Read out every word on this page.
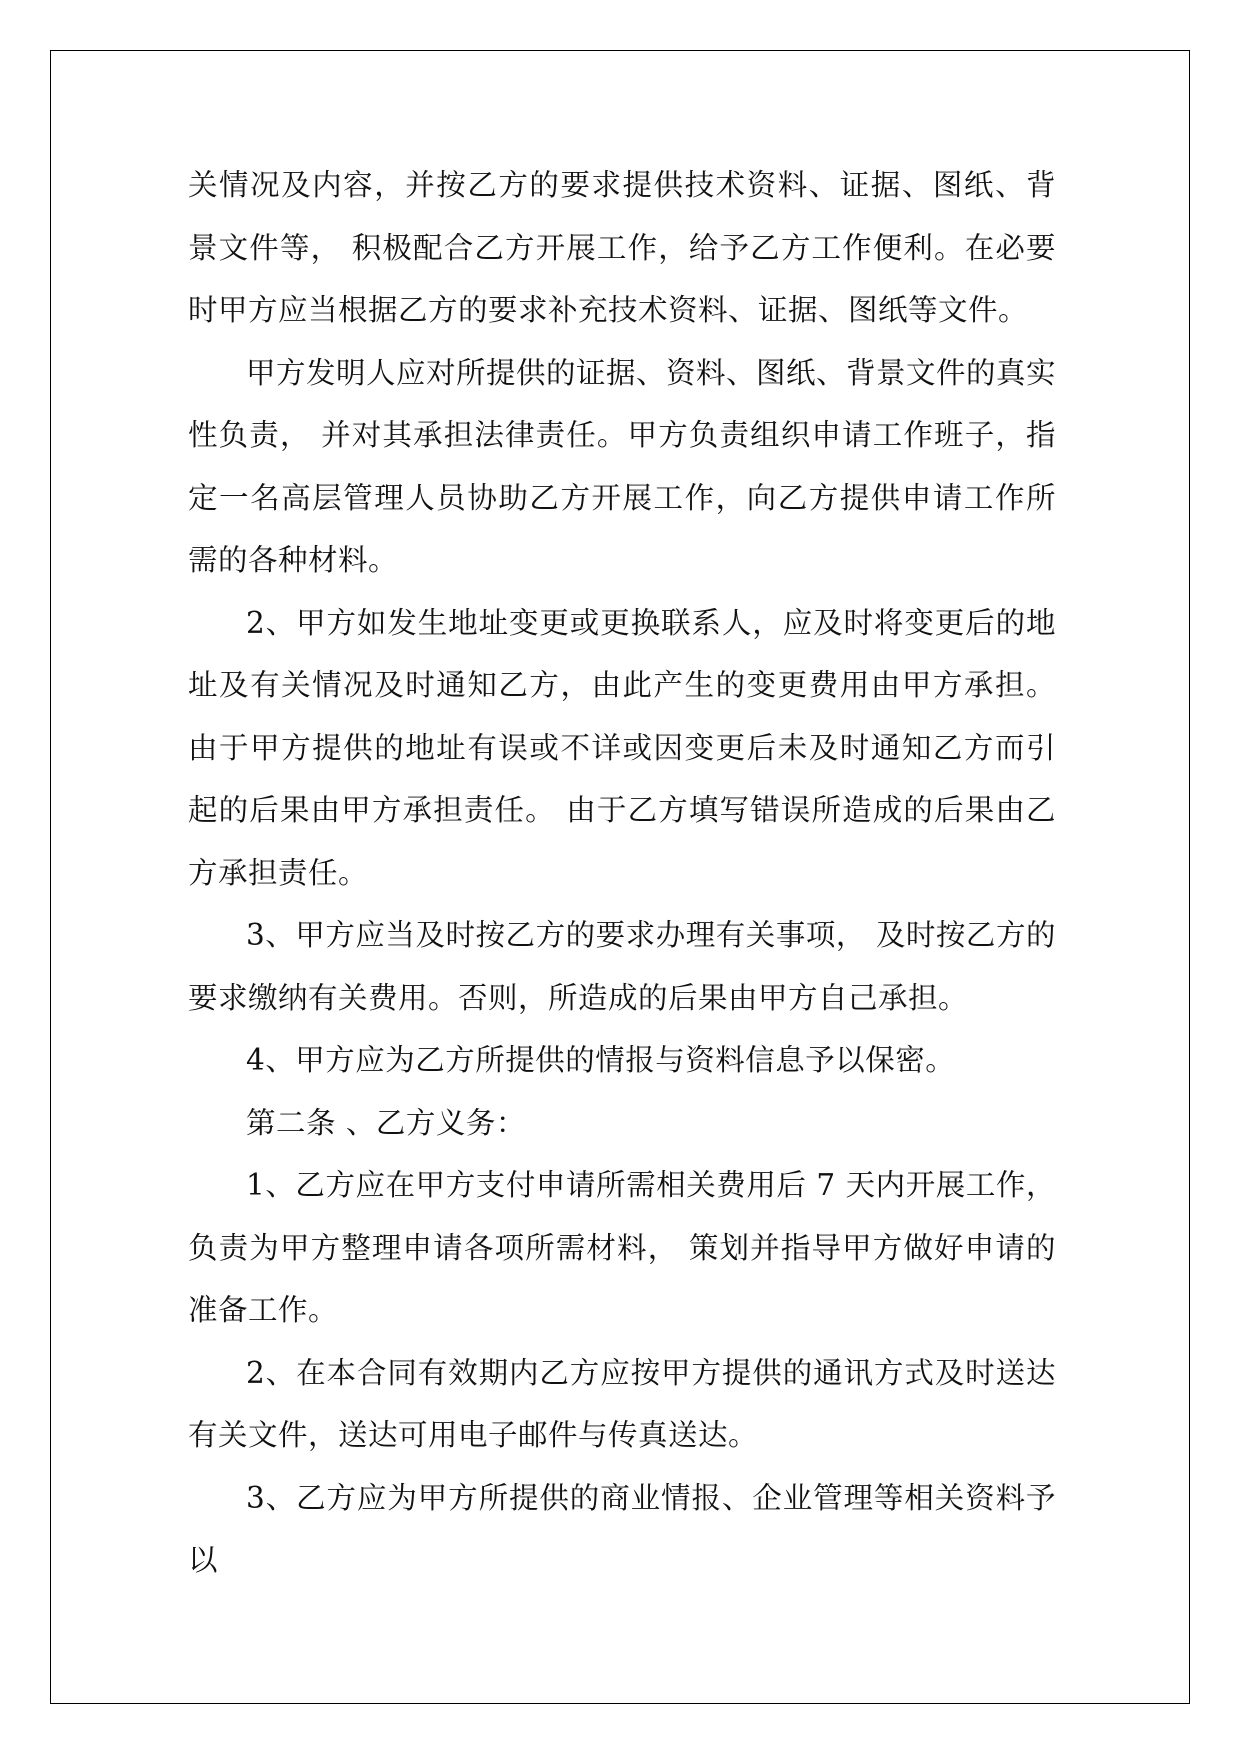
关情况及内容，并按乙方的要求提供技术资料、证据、图纸、背景文件等， 积极配合乙方开展工作，给予乙方工作便利。在必要时甲方应当根据乙方的要求补充技术资料、证据、图纸等文件。

甲方发明人应对所提供的证据、资料、图纸、背景文件的真实性负责， 并对其承担法律责任。甲方负责组织申请工作班子，指定一名高层管理人员协助乙方开展工作，向乙方提供申请工作所需的各种材料。

2、甲方如发生地址变更或更换联系人，应及时将变更后的地址及有关情况及时通知乙方，由此产生的变更费用由甲方承担。 由于甲方提供的地址有误或不详或因变更后未及时通知乙方而引起的后果由甲方承担责任。 由于乙方填写错误所造成的后果由乙方承担责任。

3、甲方应当及时按乙方的要求办理有关事项， 及时按乙方的要求缴纳有关费用。否则，所造成的后果由甲方自己承担。

4、甲方应为乙方所提供的情报与资料信息予以保密。

第二条 、乙方义务：

1、乙方应在甲方支付申请所需相关费用后 7 天内开展工作，负责为甲方整理申请各项所需材料， 策划并指导甲方做好申请的准备工作。

2、在本合同有效期内乙方应按甲方提供的通讯方式及时送达有关文件，送达可用电子邮件与传真送达。

3、乙方应为甲方所提供的商业情报、企业管理等相关资料予以
